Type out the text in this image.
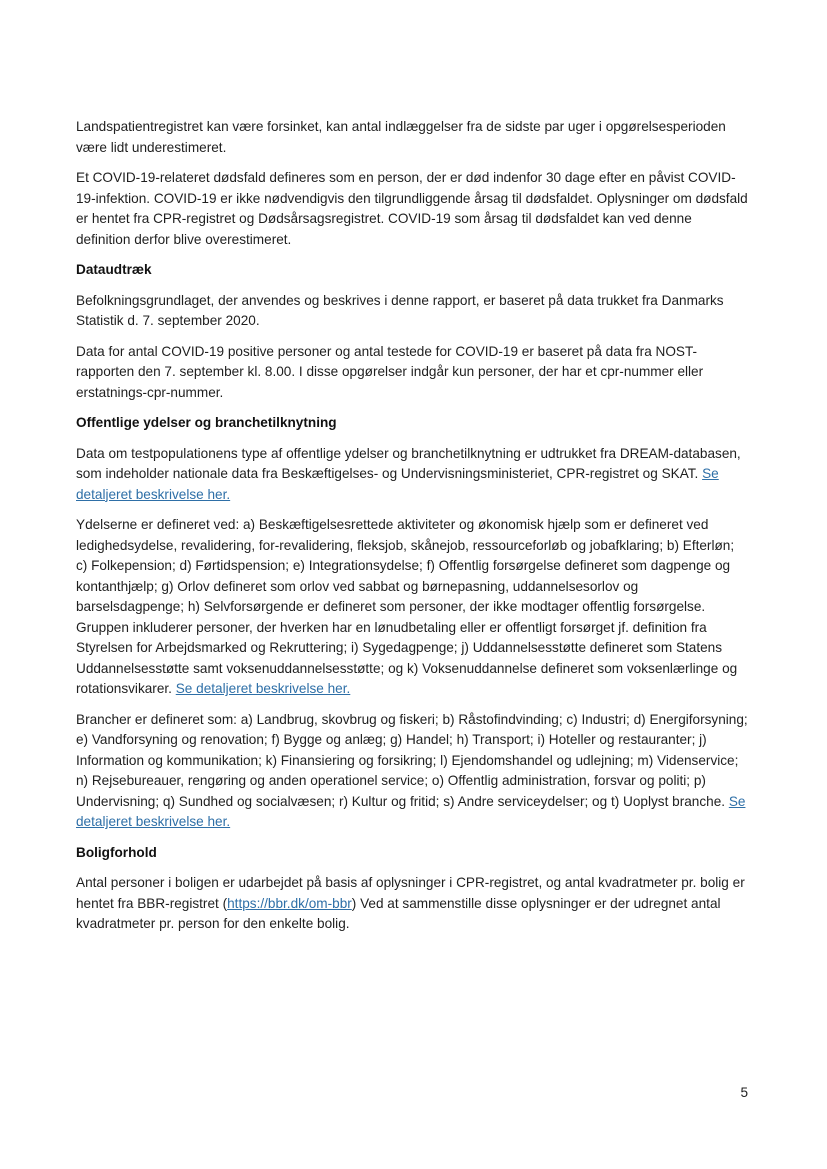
Landspatientregistret kan være forsinket, kan antal indlæggelser fra de sidste par uger i opgørelsesperioden være lidt underestimeret.

Et COVID-19-relateret dødsfald defineres som en person, der er død indenfor 30 dage efter en påvist COVID-19-infektion. COVID-19 er ikke nødvendigvis den tilgrundliggende årsag til dødsfaldet. Oplysninger om dødsfald er hentet fra CPR-registret og Dødsårsagsregistret. COVID-19 som årsag til dødsfaldet kan ved denne definition derfor blive overestimeret.

Dataudtræk

Befolkningsgrundlaget, der anvendes og beskrives i denne rapport, er baseret på data trukket fra Danmarks Statistik d. 7. september 2020.

Data for antal COVID-19 positive personer og antal testede for COVID-19 er baseret på data fra NOST-rapporten den 7. september kl. 8.00. I disse opgørelser indgår kun personer, der har et cpr-nummer eller erstatnings-cpr-nummer.

Offentlige ydelser og branchetilknytning

Data om testpopulationens type af offentlige ydelser og branchetilknytning er udtrukket fra DREAM-databasen, som indeholder nationale data fra Beskæftigelses- og Undervisningsministeriet, CPR-registret og SKAT. Se detaljeret beskrivelse her.

Ydelserne er defineret ved: a) Beskæftigelsesrettede aktiviteter og økonomisk hjælp som er defineret ved ledighedsydelse, revalidering, for-revalidering, fleksjob, skånejob, ressourceforløb og jobafklaring; b) Efterløn; c) Folkepension; d) Førtidspension; e) Integrationsydelse; f) Offentlig forsørgelse defineret som dagpenge og kontanthjælp; g) Orlov defineret som orlov ved sabbat og børnepasning, uddannelsesorlov og barselsdagpenge; h) Selvforsørgende er defineret som personer, der ikke modtager offentlig forsørgelse. Gruppen inkluderer personer, der hverken har en lønudbetaling eller er offentligt forsørget jf. definition fra Styrelsen for Arbejdsmarked og Rekruttering; i) Sygedagpenge; j) Uddannelsesstøtte defineret som Statens Uddannelsesstøtte samt voksenuddannelsesstøtte; og k) Voksenuddannelse defineret som voksenlærlinge og rotationsvikarer. Se detaljeret beskrivelse her.

Brancher er defineret som: a) Landbrug, skovbrug og fiskeri; b) Råstofindvinding; c) Industri; d) Energiforsyning; e) Vandforsyning og renovation; f) Bygge og anlæg; g) Handel; h) Transport; i) Hoteller og restauranter; j) Information og kommunikation; k) Finansiering og forsikring; l) Ejendomshandel og udlejning; m) Videnservice; n) Rejsebureauer, rengøring og anden operationel service; o) Offentlig administration, forsvar og politi; p) Undervisning; q) Sundhed og socialvæsen; r) Kultur og fritid; s) Andre serviceydelser; og t) Uoplyst branche. Se detaljeret beskrivelse her.

Boligforhold

Antal personer i boligen er udarbejdet på basis af oplysninger i CPR-registret, og antal kvadratmeter pr. bolig er hentet fra BBR-registret (https://bbr.dk/om-bbr) Ved at sammenstille disse oplysninger er der udregnet antal kvadratmeter pr. person for den enkelte bolig.

5
